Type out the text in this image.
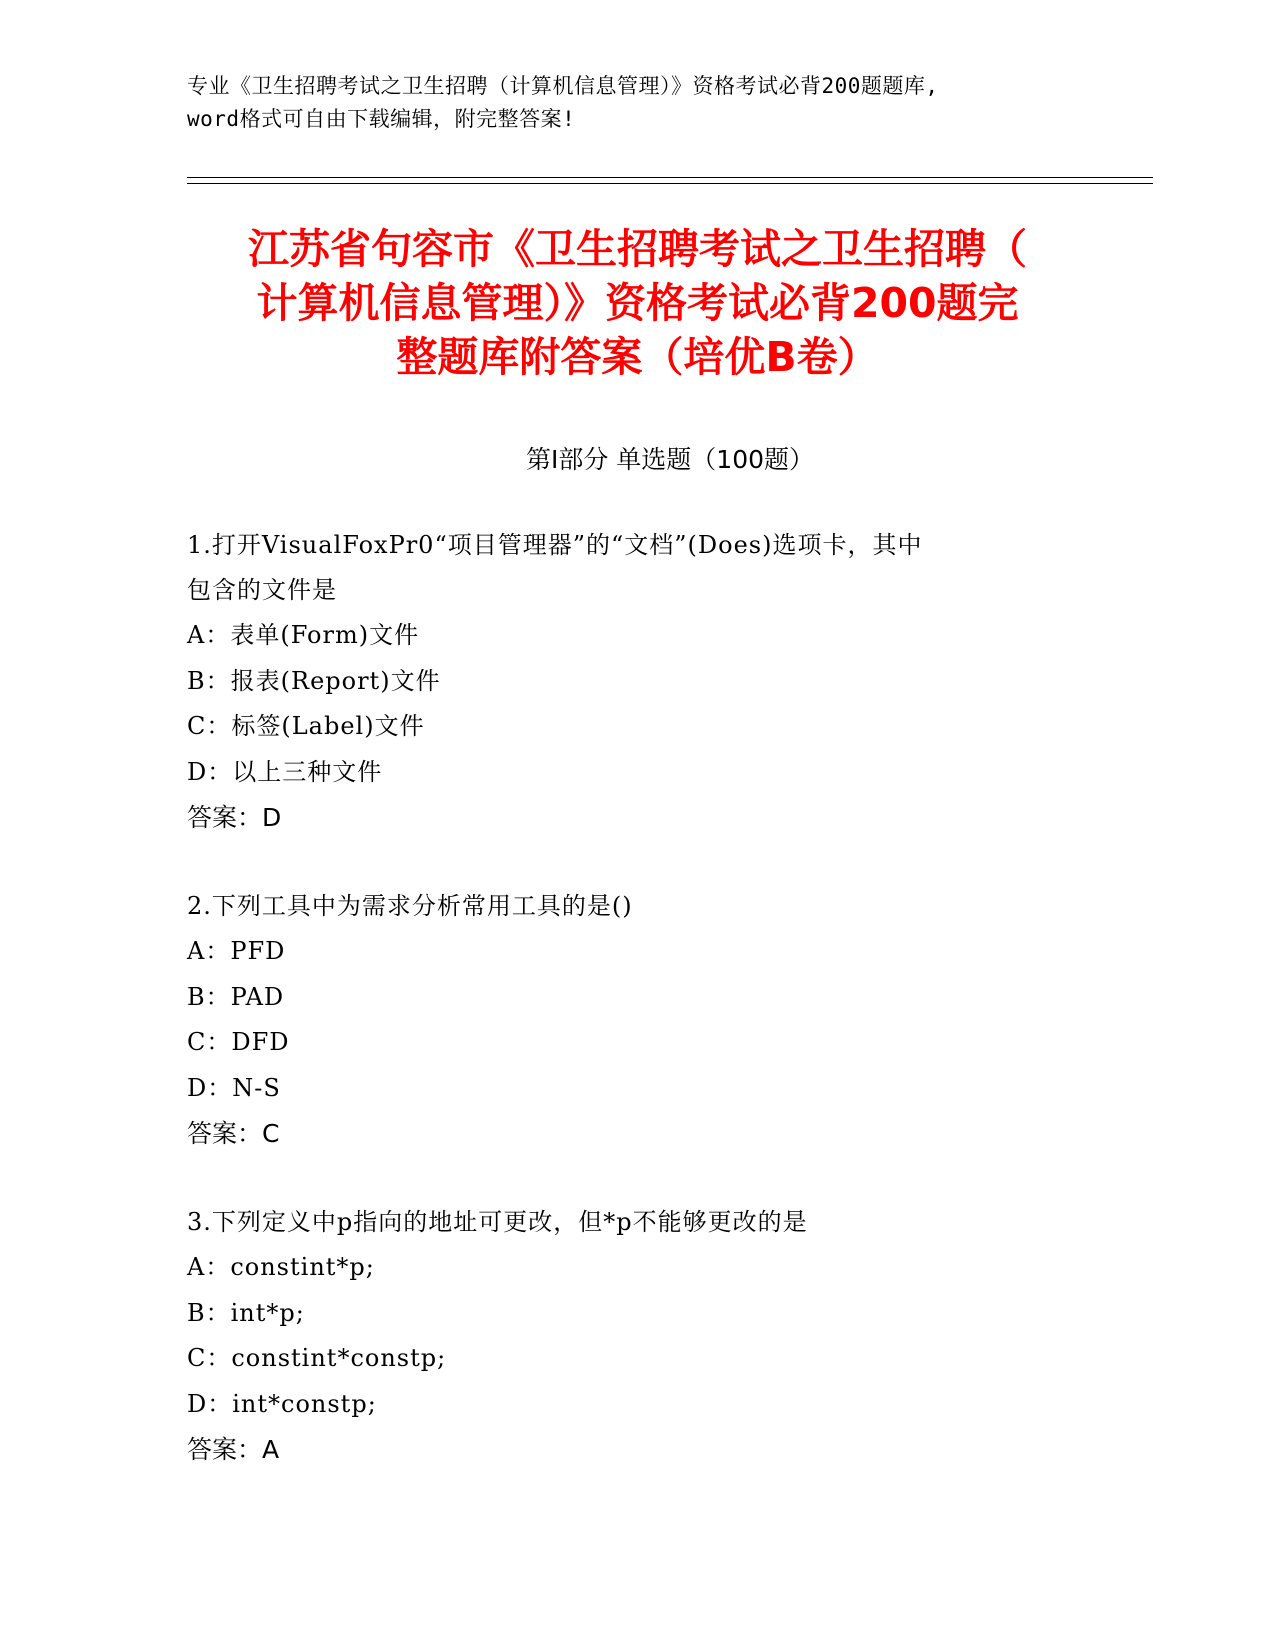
专业《卫生招聘考试之卫生招聘（计算机信息管理）》资格考试必背200题题库,
word格式可自由下载编辑，附完整答案!
江苏省句容市《卫生招聘考试之卫生招聘（
计算机信息管理）》资格考试必背200题完
整题库附答案（培优B卷）
第Ⅰ部分 单选题（100题）
1.打开VisualFoxPr0“项目管理器”的“文档”(Does)选项卡，其中
包含的文件是
A：表单(Form)文件
B：报表(Report)文件
C：标签(Label)文件
D：以上三种文件
答案：D
2.下列工具中为需求分析常用工具的是()
A：PFD
B：PAD
C：DFD
D：N-S
答案：C
3.下列定义中p指向的地址可更改，但*p不能够更改的是
A：constint*p;
B：int*p;
C：constint*constp;
D：int*constp;
答案：A
